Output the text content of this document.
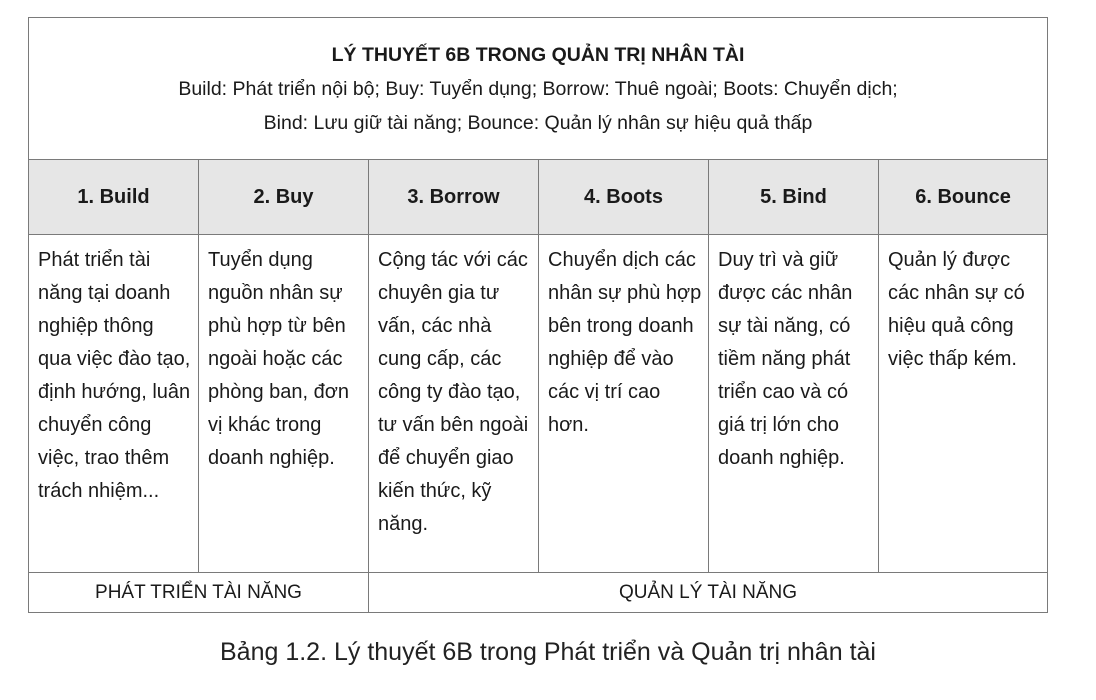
LÝ THUYẾT 6B TRONG QUẢN TRỊ NHÂN TÀI
Build: Phát triển nội bộ; Buy: Tuyển dụng; Borrow: Thuê ngoài; Boots: Chuyển dịch;
Bind: Lưu giữ tài năng; Bounce: Quản lý nhân sự hiệu quả thấp					

1. Build	2. Buy	3. Borrow	4. Boots	5. Bind	6. Bounce

Phát triển tài năng tại doanh nghiệp thông qua việc đào tạo, định hướng, luân chuyển công việc, trao thêm trách nhiệm...	Tuyển dụng nguồn nhân sự phù hợp từ bên ngoài hoặc các phòng ban, đơn vị khác trong doanh nghiệp.	Cộng tác với các chuyên gia tư vấn, các nhà cung cấp, các công ty đào tạo, tư vấn bên ngoài để chuyển giao kiến thức, kỹ năng.	Chuyển dịch các nhân sự phù hợp bên trong doanh nghiệp để vào các vị trí cao hơn.	Duy trì và giữ được các nhân sự tài năng, có tiềm năng phát triển cao và có giá trị lớn cho doanh nghiệp.	Quản lý được các nhân sự có hiệu quả công việc thấp kém.

PHÁT TRIỂN TÀI NĂNG		QUẢN LÝ TÀI NĂNG			
Bảng 1.2. Lý thuyết 6B trong Phát triển và Quản trị nhân tài
